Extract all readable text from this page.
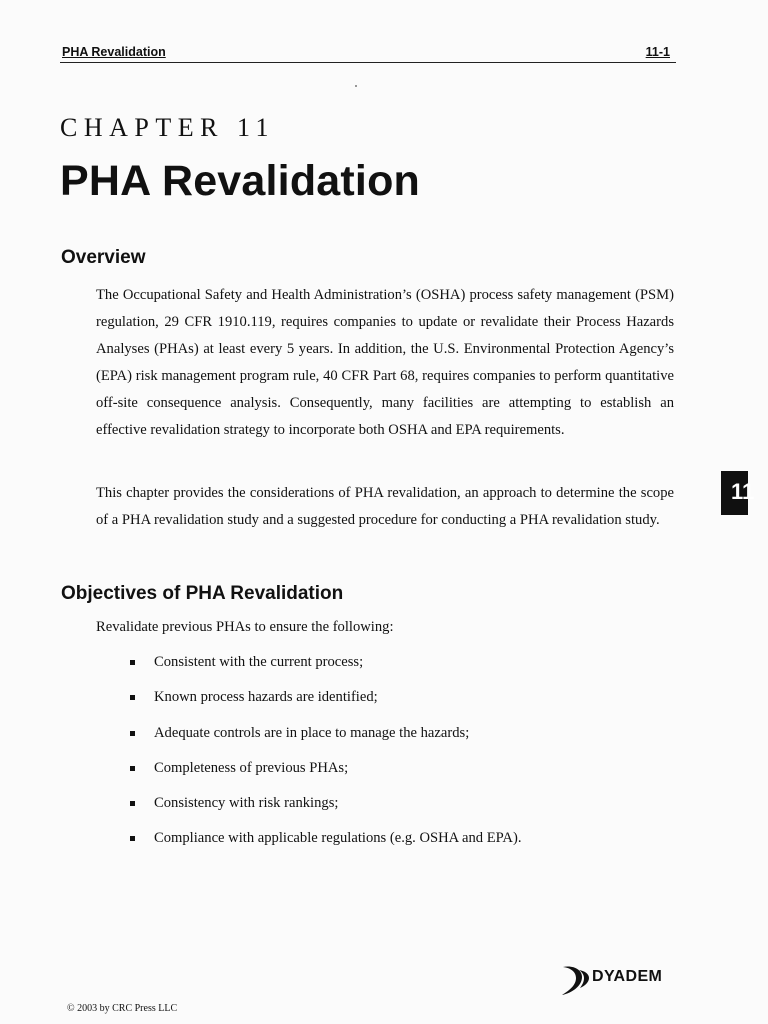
PHA Revalidation	11-1
CHAPTER 11
PHA Revalidation
Overview

The Occupational Safety and Health Administration’s (OSHA) process safety management (PSM) regulation, 29 CFR 1910.119, requires companies to update or revalidate their Process Hazards Analyses (PHAs) at least every 5 years. In addition, the U.S. Environmental Protection Agency’s (EPA) risk management program rule, 40 CFR Part 68, requires companies to perform quantitative off-site consequence analysis. Consequently, many facilities are attempting to establish an effective revalidation strategy to incorporate both OSHA and EPA requirements.

This chapter provides the considerations of PHA revalidation, an approach to determine the scope of a PHA revalidation study and a suggested procedure for conducting a PHA revalidation study.

Objectives of PHA Revalidation

Revalidate previous PHAs to ensure the following:

Consistent with the current process;
Known process hazards are identified;
Adequate controls are in place to manage the hazards;
Completeness of previous PHAs;
Consistency with risk rankings;
Compliance with applicable regulations (e.g. OSHA and EPA).
11
DYADEM
© 2003 by CRC Press LLC
